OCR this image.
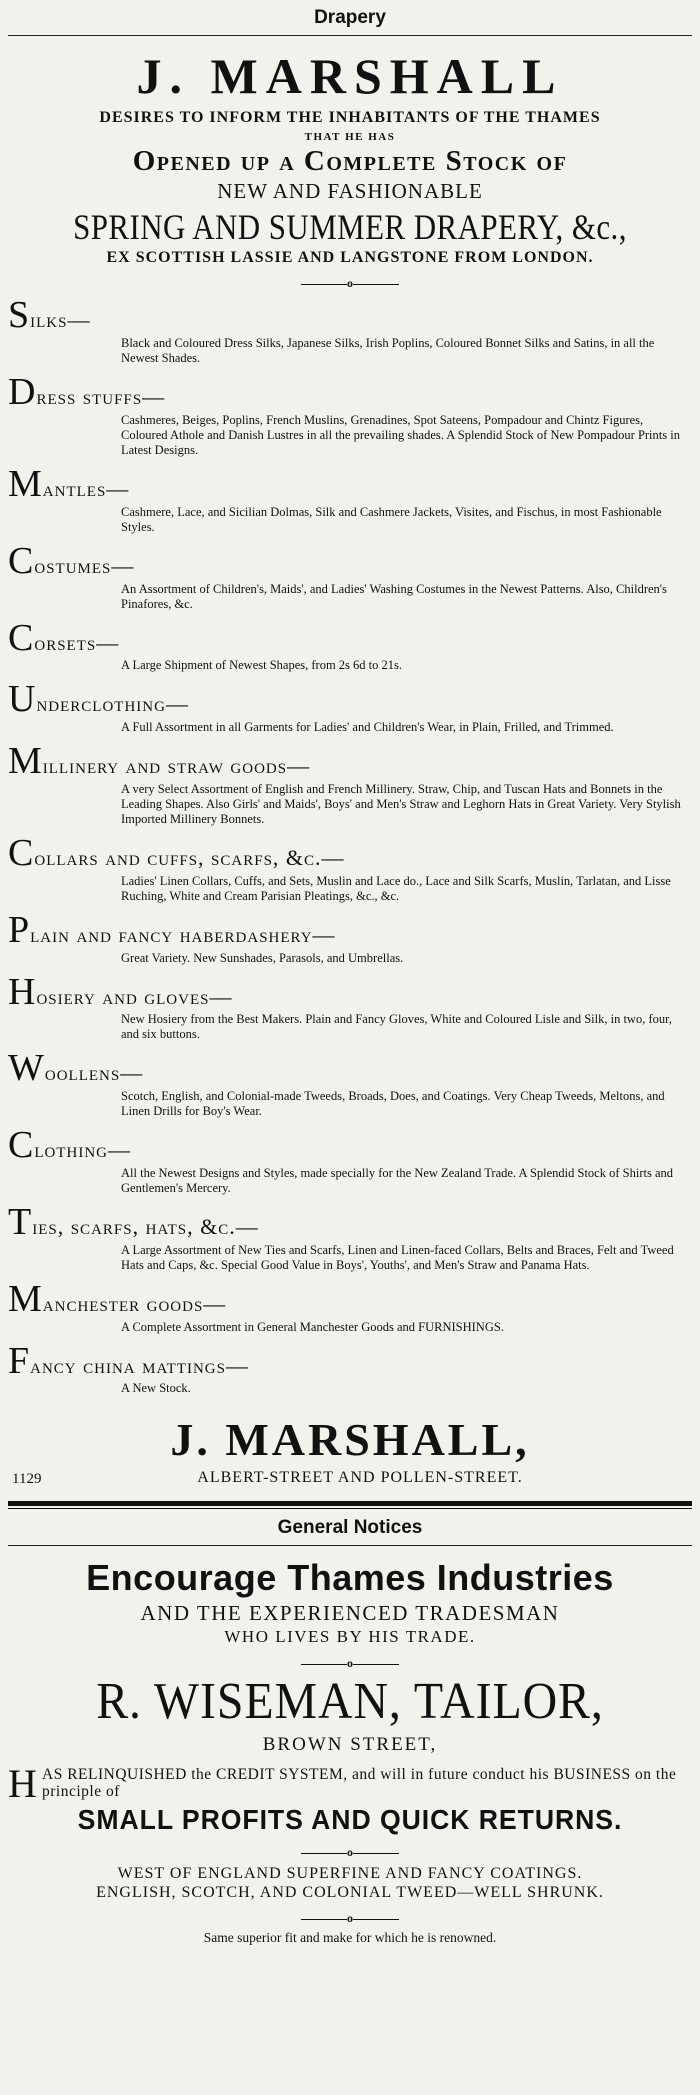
Drapery
J. MARSHALL
DESIRES TO INFORM THE INHABITANTS OF THE THAMES
THAT HE HAS
Opened up a Complete Stock of
NEW AND FASHIONABLE
SPRING AND SUMMER DRAPERY, &c.,
EX SCOTTISH LASSIE AND LANGSTONE FROM LONDON.
o
Silks—
Black and Coloured Dress Silks, Japanese Silks, Irish Poplins, Coloured Bonnet Silks and Satins, in all the Newest Shades.
Dress stuffs—
Cashmeres, Beiges, Poplins, French Muslins, Grenadines, Spot Sateens, Pompadour and Chintz Figures, Coloured Athole and Danish Lustres in all the prevailing shades. A Splendid Stock of New Pompadour Prints in Latest Designs.
Mantles—
Cashmere, Lace, and Sicilian Dolmas, Silk and Cashmere Jackets, Visites, and Fischus, in most Fashionable Styles.
Costumes—
An Assortment of Children's, Maids', and Ladies' Washing Costumes in the Newest Patterns. Also, Children's Pinafores, &c.
Corsets—
A Large Shipment of Newest Shapes, from 2s 6d to 21s.
Underclothing—
A Full Assortment in all Garments for Ladies' and Children's Wear, in Plain, Frilled, and Trimmed.
Millinery and straw goods—
A very Select Assortment of English and French Millinery. Straw, Chip, and Tuscan Hats and Bonnets in the Leading Shapes. Also Girls' and Maids', Boys' and Men's Straw and Leghorn Hats in Great Variety. Very Stylish Imported Millinery Bonnets.
Collars and cuffs, scarfs, &c.—
Ladies' Linen Collars, Cuffs, and Sets, Muslin and Lace do., Lace and Silk Scarfs, Muslin, Tarlatan, and Lisse Ruching, White and Cream Parisian Pleatings, &c., &c.
Plain and fancy haberdashery—
Great Variety. New Sunshades, Parasols, and Umbrellas.
Hosiery and gloves—
New Hosiery from the Best Makers. Plain and Fancy Gloves, White and Coloured Lisle and Silk, in two, four, and six buttons.
Woollens—
Scotch, English, and Colonial-made Tweeds, Broads, Does, and Coatings. Very Cheap Tweeds, Meltons, and Linen Drills for Boy's Wear.
Clothing—
All the Newest Designs and Styles, made specially for the New Zealand Trade. A Splendid Stock of Shirts and Gentlemen's Mercery.
Ties, scarfs, hats, &c.—
A Large Assortment of New Ties and Scarfs, Linen and Linen-faced Collars, Belts and Braces, Felt and Tweed Hats and Caps, &c. Special Good Value in Boys', Youths', and Men's Straw and Panama Hats.
Manchester goods—
A Complete Assortment in General Manchester Goods and FURNISHINGS.
Fancy china mattings—
A New Stock.
J. MARSHALL,
1129	ALBERT-STREET AND POLLEN-STREET.
General Notices
Encourage Thames Industries
AND THE EXPERIENCED TRADESMAN
WHO LIVES BY HIS TRADE.
o
R. WISEMAN, TAILOR,
BROWN STREET,
H AS RELINQUISHED the CREDIT SYSTEM, and will in future conduct his BUSINESS on the principle of
SMALL PROFITS AND QUICK RETURNS.
o
WEST OF ENGLAND SUPERFINE AND FANCY COATINGS.
ENGLISH, SCOTCH, AND COLONIAL TWEED—WELL SHRUNK.
o
Same superior fit and make for which he is renowned.
